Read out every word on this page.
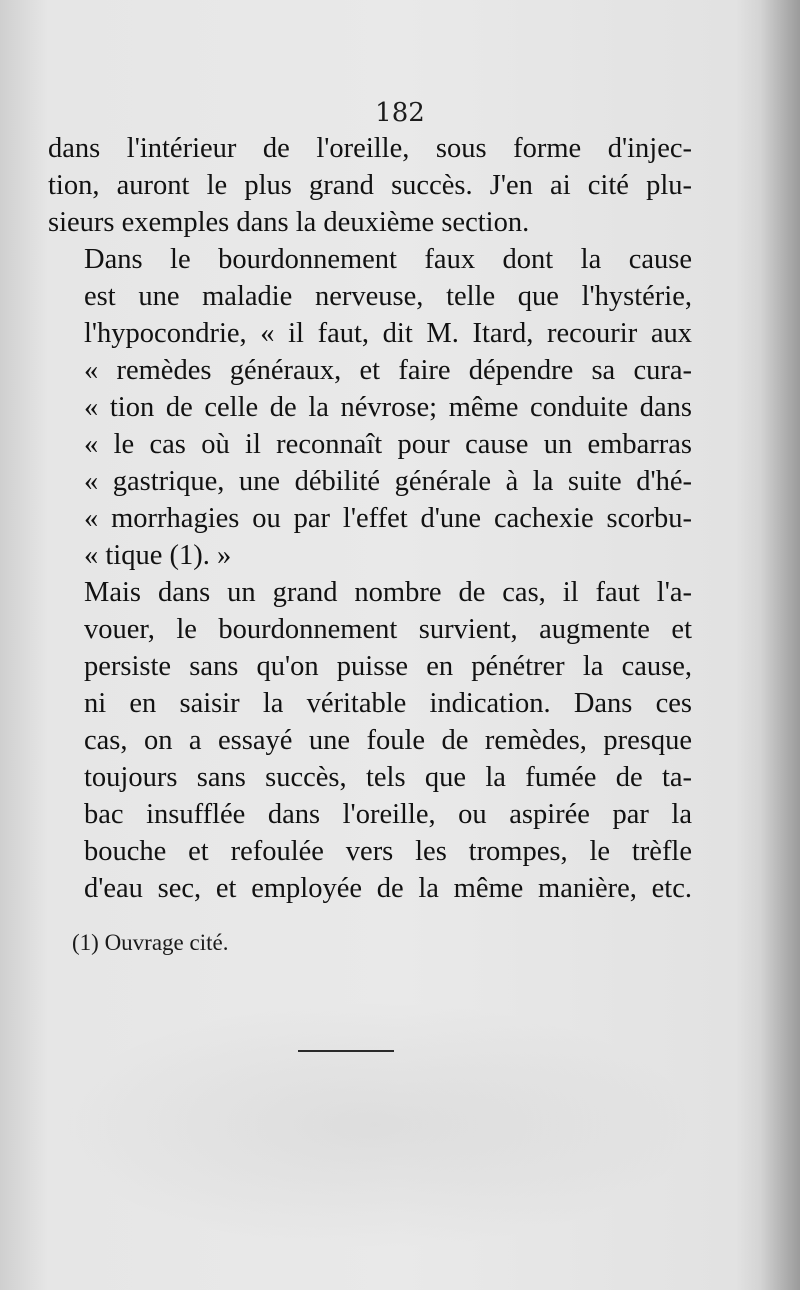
182

dans l'intérieur de l'oreille, sous forme d'injec-
tion, auront le plus grand succès. J'en ai cité plu-
sieurs exemples dans la deuxième section.

Dans le bourdonnement faux dont la cause
est une maladie nerveuse, telle que l'hystérie,
l'hypocondrie, « il faut, dit M. Itard, recourir aux
« remèdes généraux, et faire dépendre sa cura-
« tion de celle de la névrose; même conduite dans
« le cas où il reconnaît pour cause un embarras
« gastrique, une débilité générale à la suite d'hé-
« morrhagies ou par l'effet d'une cachexie scorbu-
« tique (1). »

Mais dans un grand nombre de cas, il faut l'a-
vouer, le bourdonnement survient, augmente et
persiste sans qu'on puisse en pénétrer la cause,
ni en saisir la véritable indication. Dans ces
cas, on a essayé une foule de remèdes, presque
toujours sans succès, tels que la fumée de ta-
bac insufflée dans l'oreille, ou aspirée par la
bouche et refoulée vers les trompes, le trèfle
d'eau sec, et employée de la même manière, etc.

(1) Ouvrage cité.
